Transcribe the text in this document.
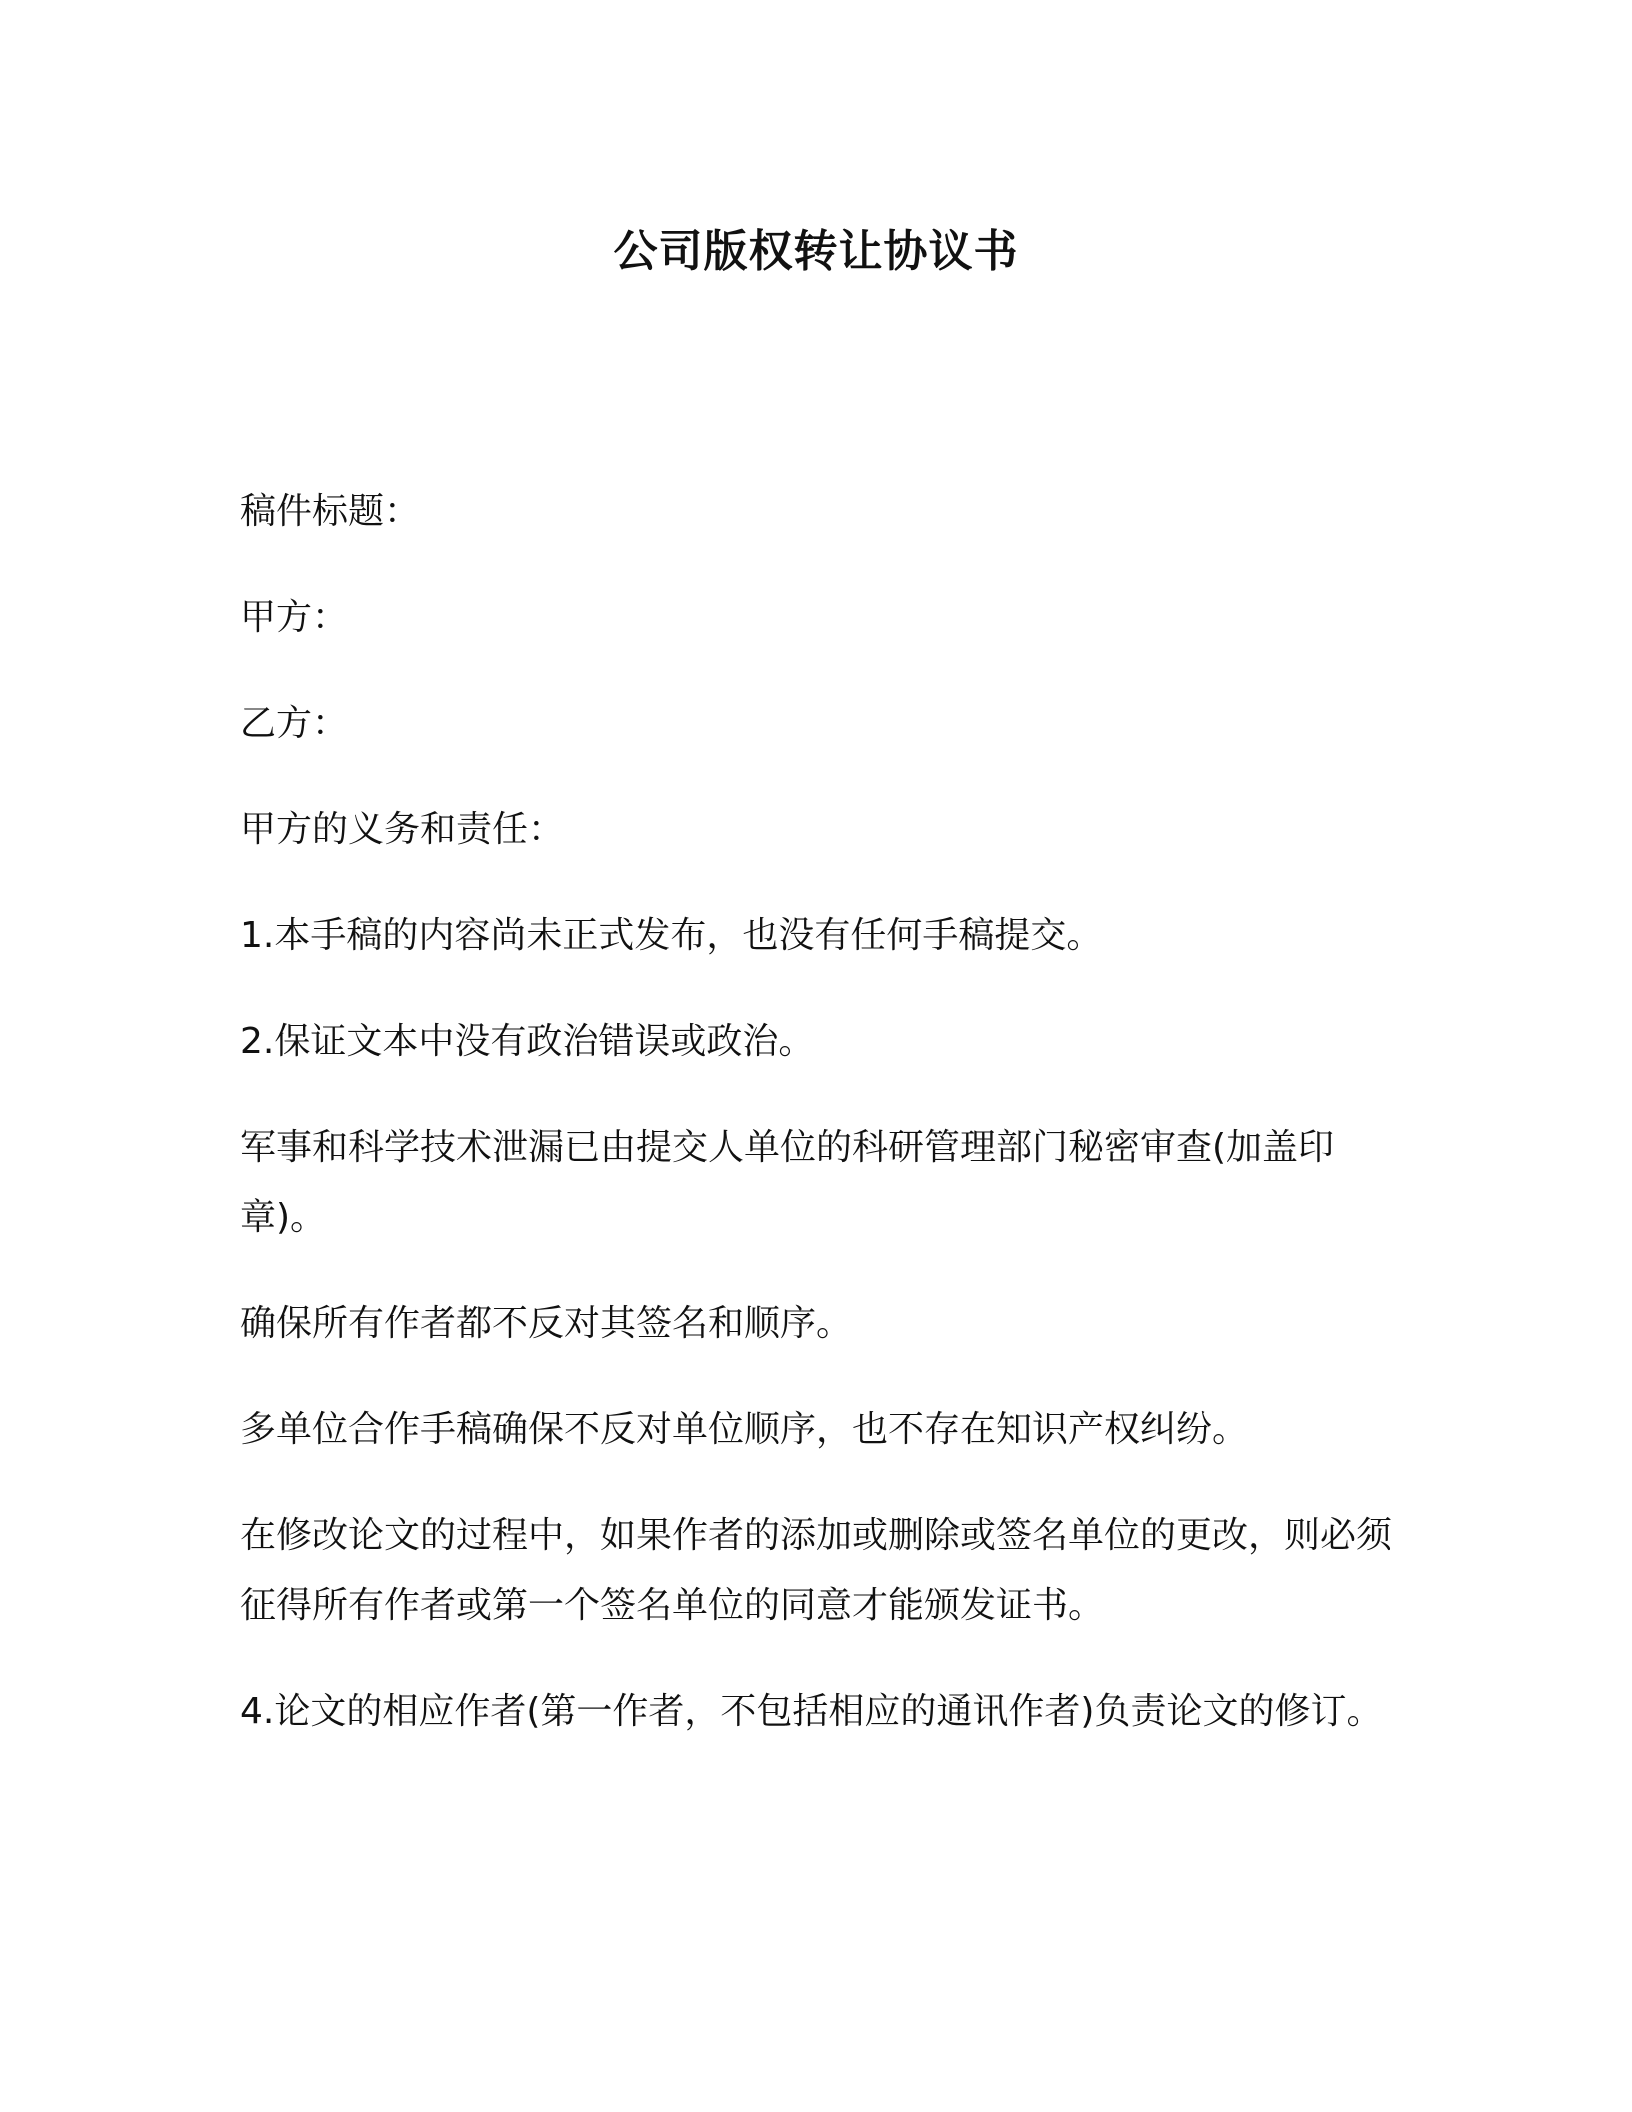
公司版权转让协议书

稿件标题：

甲方：

乙方：

甲方的义务和责任：

1.本手稿的内容尚未正式发布，也没有任何手稿提交。

2.保证文本中没有政治错误或政治。

军事和科学技术泄漏已由提交人单位的科研管理部门秘密审查(加盖印章)。

确保所有作者都不反对其签名和顺序。

多单位合作手稿确保不反对单位顺序，也不存在知识产权纠纷。

在修改论文的过程中，如果作者的添加或删除或签名单位的更改，则必须征得所有作者或第一个签名单位的同意才能颁发证书。

4.论文的相应作者(第一作者，不包括相应的通讯作者)负责论文的修订。
